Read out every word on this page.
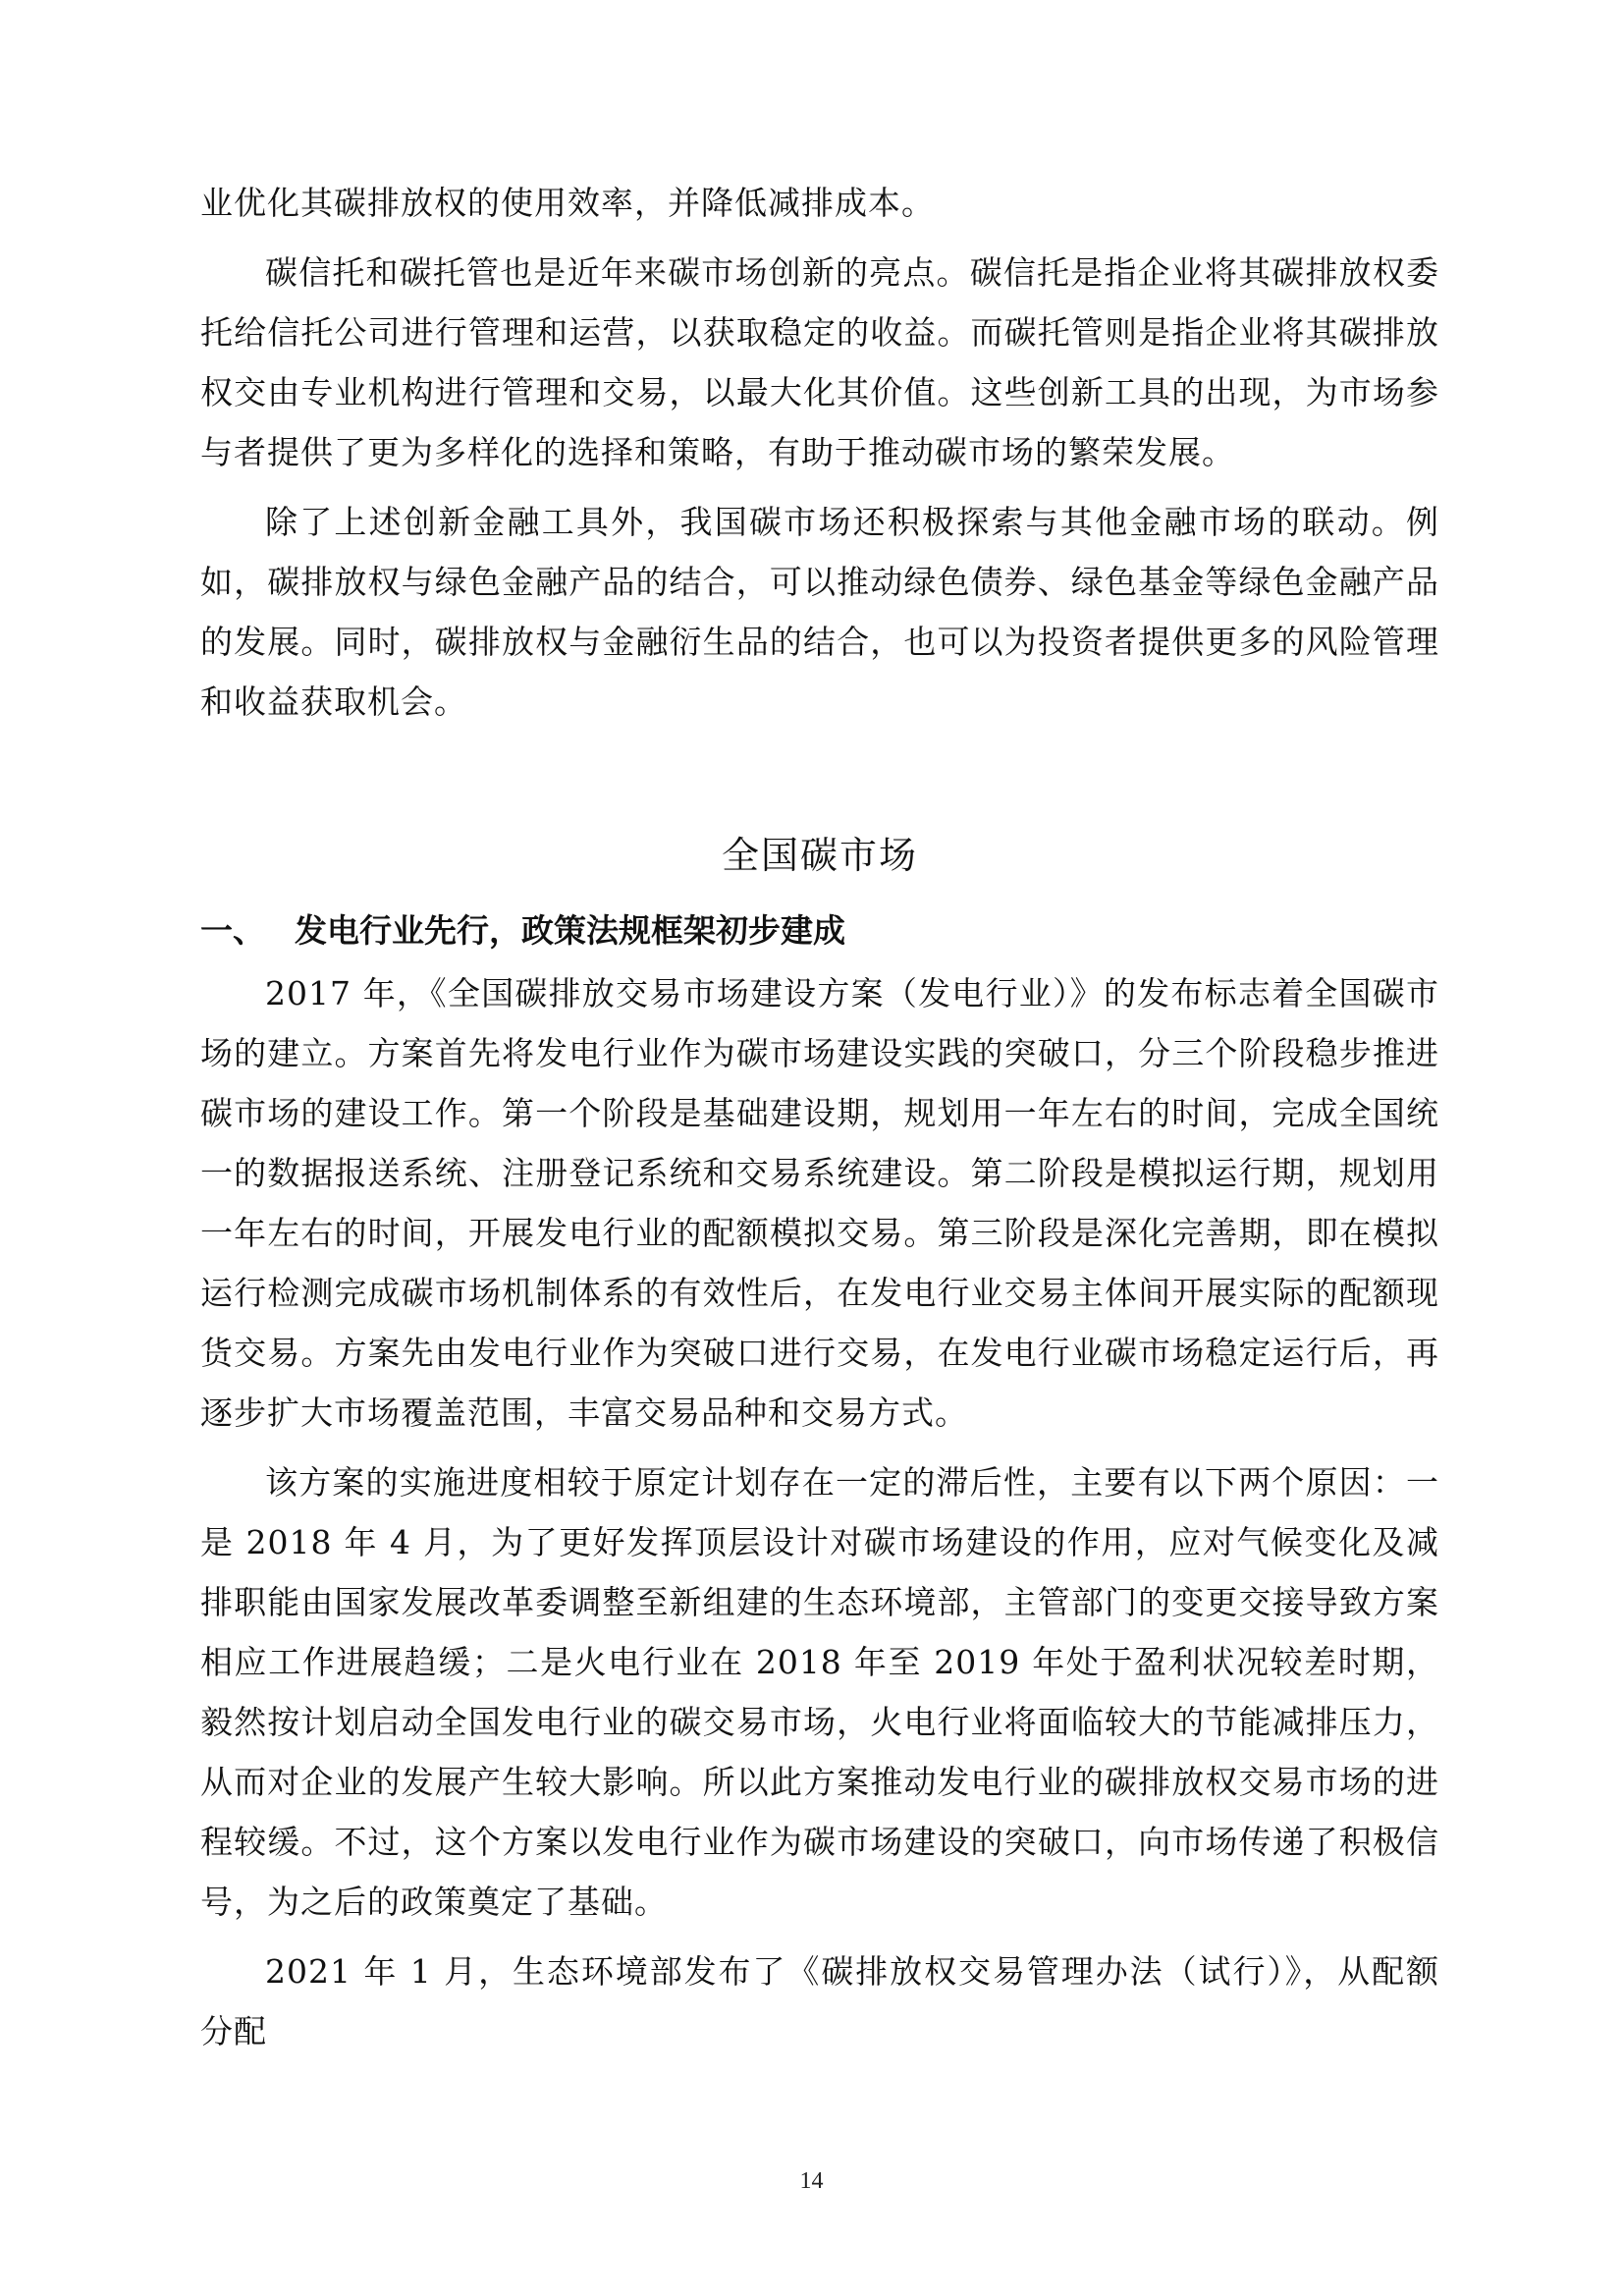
业优化其碳排放权的使用效率，并降低减排成本。

碳信托和碳托管也是近年来碳市场创新的亮点。碳信托是指企业将其碳排放权委托给信托公司进行管理和运营，以获取稳定的收益。而碳托管则是指企业将其碳排放权交由专业机构进行管理和交易，以最大化其价值。这些创新工具的出现，为市场参与者提供了更为多样化的选择和策略，有助于推动碳市场的繁荣发展。

除了上述创新金融工具外，我国碳市场还积极探索与其他金融市场的联动。例如，碳排放权与绿色金融产品的结合，可以推动绿色债券、绿色基金等绿色金融产品的发展。同时，碳排放权与金融衍生品的结合，也可以为投资者提供更多的风险管理和收益获取机会。

全国碳市场
一、 发电行业先行，政策法规框架初步建成

2017 年，《全国碳排放交易市场建设方案（发电行业）》的发布标志着全国碳市场的建立。方案首先将发电行业作为碳市场建设实践的突破口，分三个阶段稳步推进碳市场的建设工作。第一个阶段是基础建设期，规划用一年左右的时间，完成全国统一的数据报送系统、注册登记系统和交易系统建设。第二阶段是模拟运行期，规划用一年左右的时间，开展发电行业的配额模拟交易。第三阶段是深化完善期，即在模拟运行检测完成碳市场机制体系的有效性后，在发电行业交易主体间开展实际的配额现货交易。方案先由发电行业作为突破口进行交易，在发电行业碳市场稳定运行后，再逐步扩大市场覆盖范围，丰富交易品种和交易方式。

该方案的实施进度相较于原定计划存在一定的滞后性，主要有以下两个原因：一是 2018 年 4 月，为了更好发挥顶层设计对碳市场建设的作用，应对气候变化及减排职能由国家发展改革委调整至新组建的生态环境部，主管部门的变更交接导致方案相应工作进展趋缓；二是火电行业在 2018 年至 2019 年处于盈利状况较差时期，毅然按计划启动全国发电行业的碳交易市场，火电行业将面临较大的节能减排压力，从而对企业的发展产生较大影响。所以此方案推动发电行业的碳排放权交易市场的进程较缓。不过，这个方案以发电行业作为碳市场建设的突破口，向市场传递了积极信号，为之后的政策奠定了基础。

2021 年 1 月，生态环境部发布了《碳排放权交易管理办法（试行）》，从配额分配

14
